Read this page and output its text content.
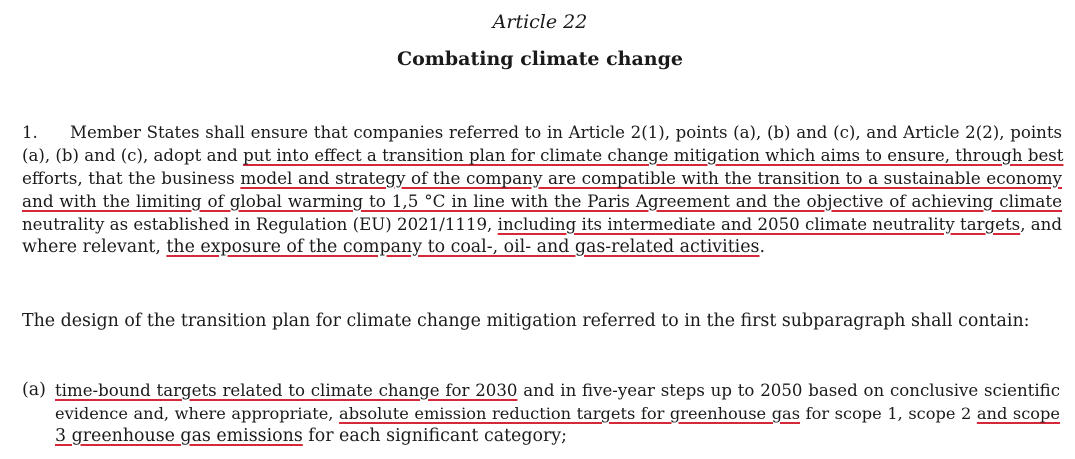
Article 22
Combating climate change
1. Member States shall ensure that companies referred to in Article 2(1), points (a), (b) and (c), and Article 2(2), points
(a), (b) and (c), adopt and put into effect a transition plan for climate change mitigation which aims to ensure, through best
efforts, that the business model and strategy of the company are compatible with the transition to a sustainable economy
and with the limiting of global warming to 1,5 °C in line with the Paris Agreement and the objective of achieving climate
neutrality as established in Regulation (EU) 2021/1119, including its intermediate and 2050 climate neutrality targets, and
where relevant, the exposure of the company to coal-, oil- and gas-related activities.
The design of the transition plan for climate change mitigation referred to in the first subparagraph shall contain:
(a) time-bound targets related to climate change for 2030 and in five-year steps up to 2050 based on conclusive scientific
evidence and, where appropriate, absolute emission reduction targets for greenhouse gas for scope 1, scope 2 and scope
3 greenhouse gas emissions for each significant category;
